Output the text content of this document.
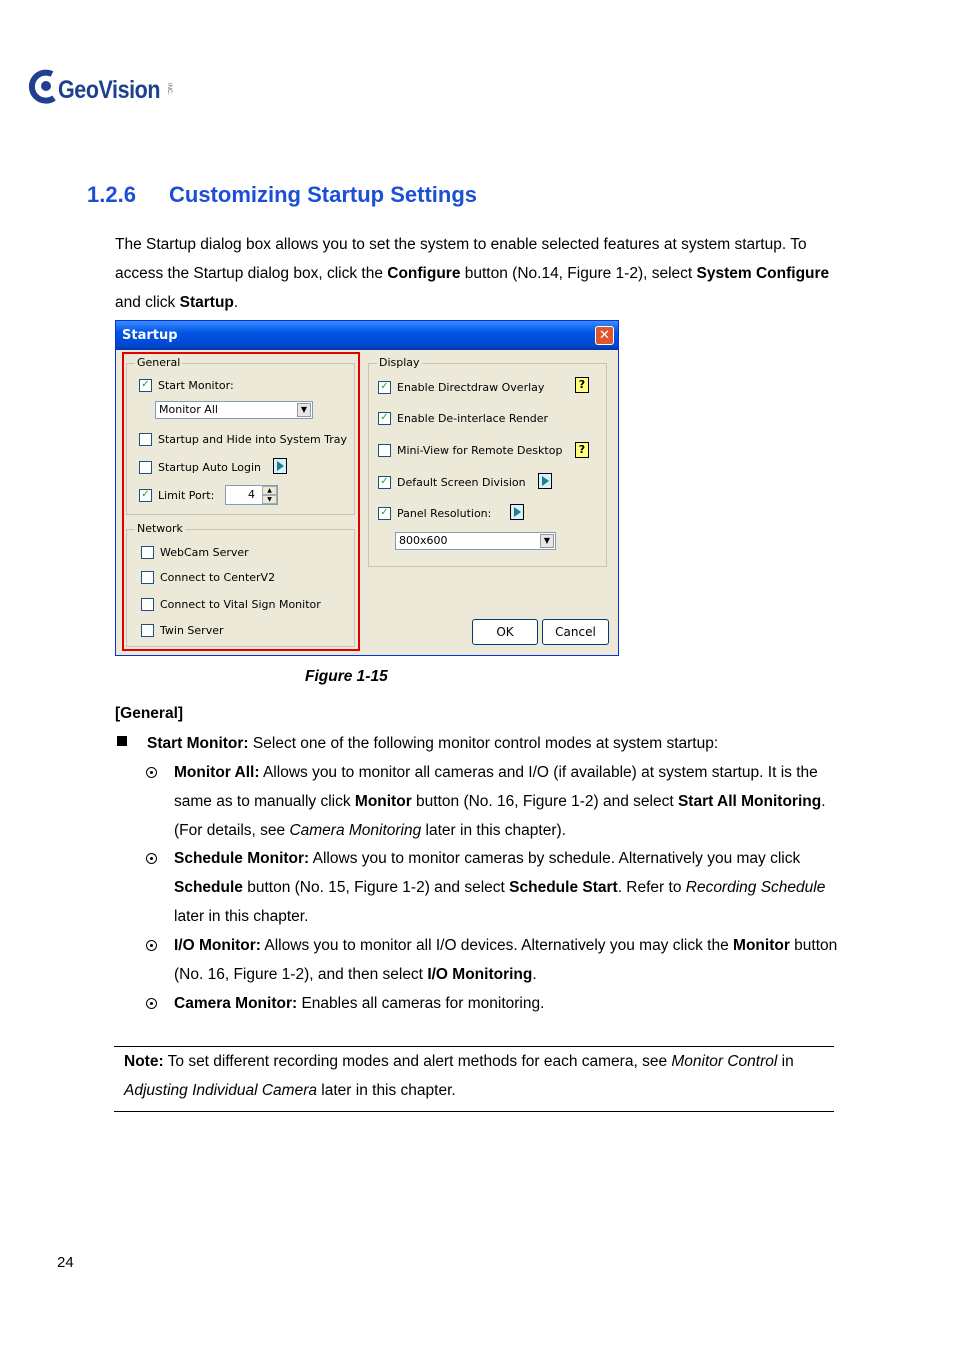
GeoVision INC.
1.2.6 Customizing Startup Settings
The Startup dialog box allows you to set the system to enable selected features at system startup. To access the Startup dialog box, click the Configure button (No.14, Figure 1-2), select System Configure and click Startup.
Startup	✕
General
✓ Start Monitor:
Monitor All	▼
Startup and Hide into System Tray
Startup Auto Login
✓ Limit Port:	4	▲
▼
Network
WebCam Server
Connect to CenterV2
Connect to Vital Sign Monitor
Twin Server
Display
✓ Enable Directdraw Overlay	?
✓ Enable De-interlace Render
Mini-View for Remote Desktop	?
✓ Default Screen Division
✓ Panel Resolution:
800x600	▼
OK	Cancel
Figure 1-15
[General]
Start Monitor: Select one of the following monitor control modes at system startup:
Monitor All: Allows you to monitor all cameras and I/O (if available) at system startup. It is the same as to manually click Monitor button (No. 16, Figure 1-2) and select Start All Monitoring. (For details, see Camera Monitoring later in this chapter).
Schedule Monitor: Allows you to monitor cameras by schedule. Alternatively you may click Schedule button (No. 15, Figure 1-2) and select Schedule Start. Refer to Recording Schedule later in this chapter.
I/O Monitor: Allows you to monitor all I/O devices. Alternatively you may click the Monitor button (No. 16, Figure 1-2), and then select I/O Monitoring.
Camera Monitor: Enables all cameras for monitoring.
Note: To set different recording modes and alert methods for each camera, see Monitor Control in Adjusting Individual Camera later in this chapter.
24
